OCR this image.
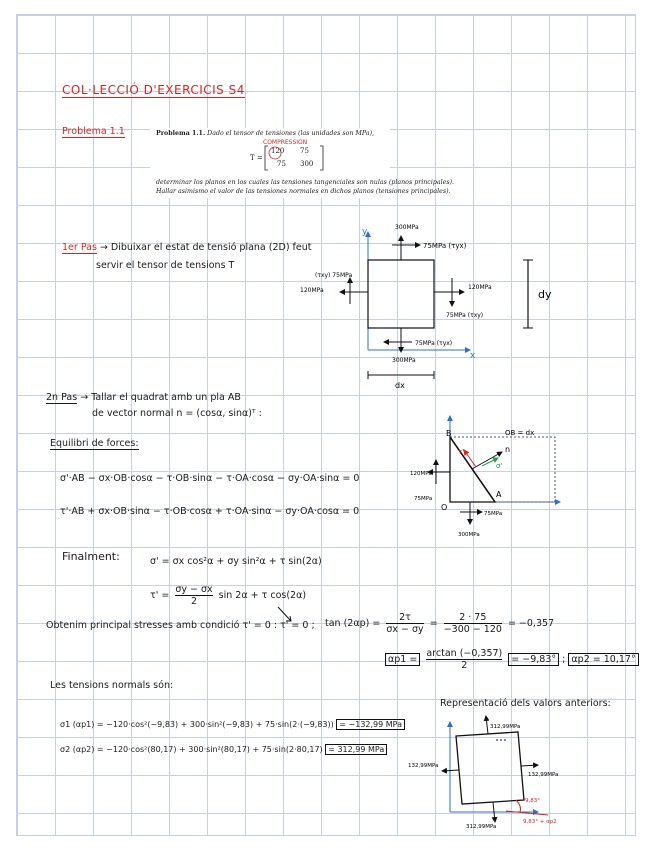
COL·LECCIÓ D'EXERCICIS S4
Problema 1.1	Problema 1.1. Dado el tensor de tensiones (las unidades son MPa),
COMPRESSION
T =
120 75
75 300
determinar los planos en los cuales las tensiones tangenciales son nulas (planos principales).
Hallar asimismo el valor de las tensiones normales en dichos planos (tensiones principales).
1er Pas → Dibuixar el estat de tensió plana (2D) feut
servir el tensor de tensions T
y
x
300MPa
75MPa (τyx)
(τxy) 75MPa
120MPa	120MPa
75MPa (τxy)
75MPa (τyx)
300MPa
dx
dy
2n Pas → Tallar el quadrat amb un pla AB
de vector normal n = (cosα, sinα)ᵀ :
Equilibri de forces:
σ'·AB − σx·OB·cosα − τ·OB·sinα − τ·OA·cosα − σy·OA·sinα = 0
τ'·AB + σx·OB·sinα − τ·OB·cosα + τ·OA·sinα − σy·OA·cosα = 0
B
A
O
n
τ'
σ'
OB = dx
120MPa
75MPa
75MPa
300MPa
Finalment:	σ' = σx cos²α + σy sin²α + τ sin(2α)
$\tau' = \frac{\sigma y - \sigma x}{2}$ sin 2α + τ cos(2α)
Obtenim principal stresses amb condició τ' = 0 : τ' = 0 ; $\tan (2\alpha p) = \frac{2\tau}{\sigma x - \sigma y} = \frac{2 \cdot 75}{-300 - 120} = -0,357$
$\alpha p1 = \frac{\arctan (-0,357)}{2} = -9,83^\circ$ ; αp2 = 10,17°
Les tensions normals són:
Representació dels valors anteriors:
σ1 (αp1) = −120·cos²(−9,83) + 300·sin²(−9,83) + 75·sin(2·(−9,83)) = −132,99 MPa
σ2 (αp2) = −120·cos²(80,17) + 300·sin²(80,17) + 75·sin(2·80,17) = 312,99 MPa
312,99MPa
132,99MPa
132,99MPa
312,99MPa
9,83°
9,83° + αp2
